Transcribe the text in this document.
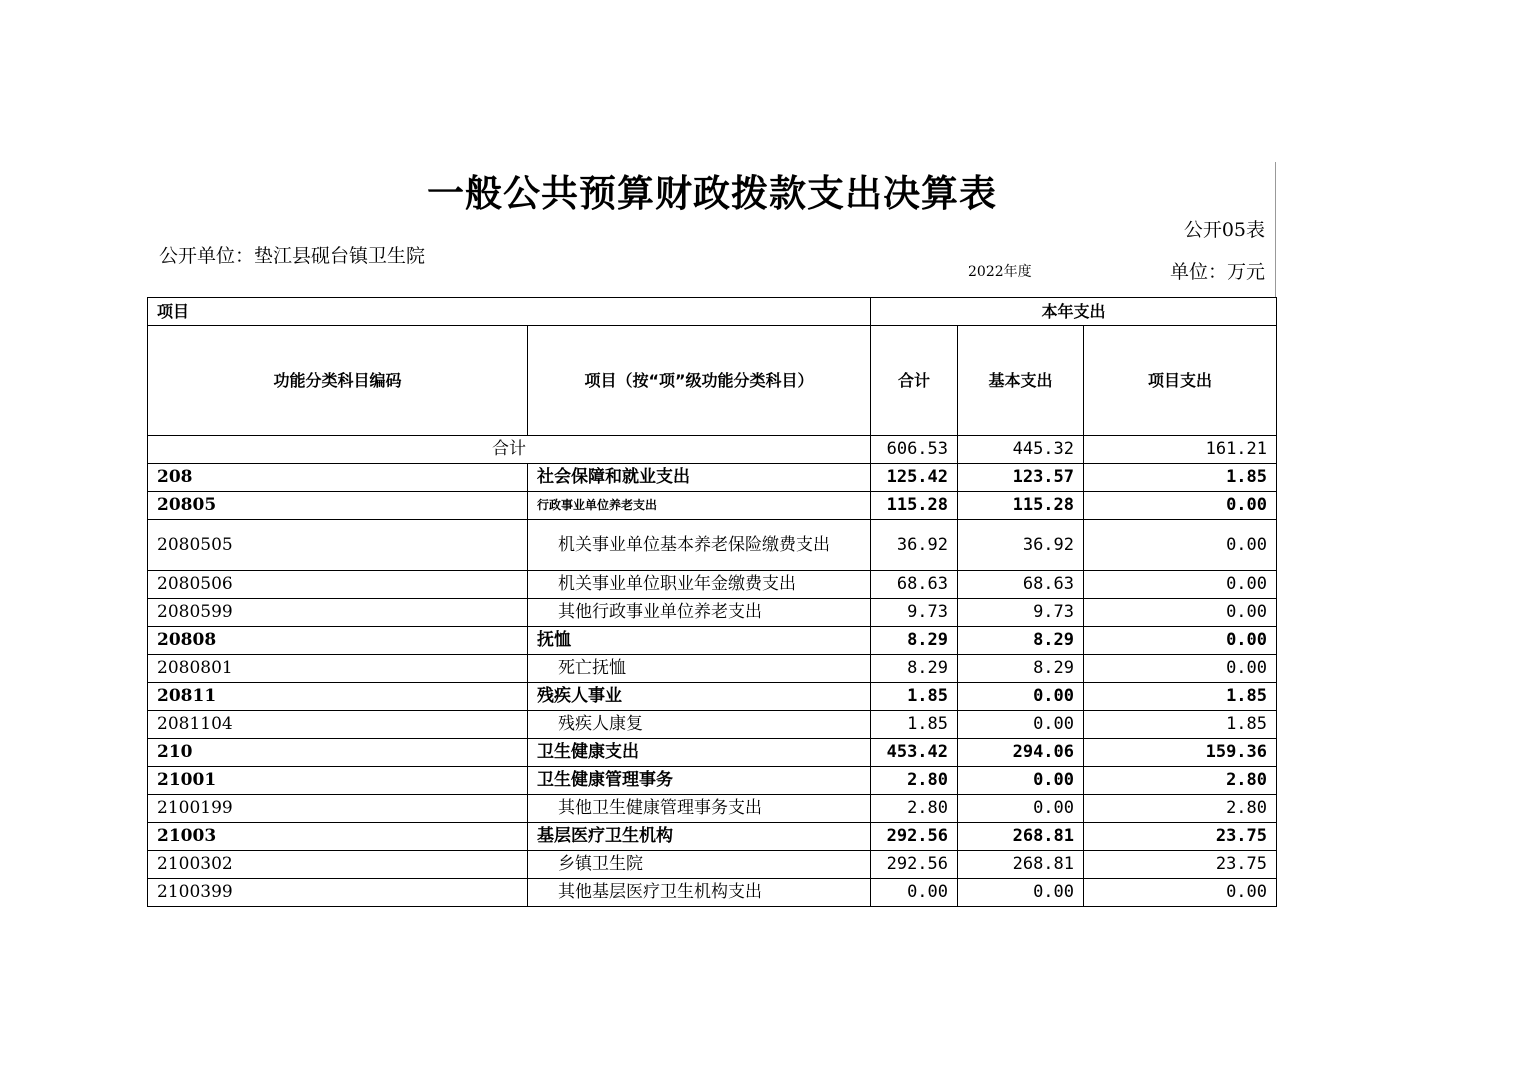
一般公共预算财政拨款支出决算表
公开05表
公开单位：垫江县砚台镇卫生院
2022年度	单位：万元
项目		本年支出		
功能分类科目编码	项目（按“项”级功能分类科目）	合计	基本支出	项目支出
合计		606.53	445.32	161.21
208	社会保障和就业支出	125.42	123.57	1.85
20805	行政事业单位养老支出	115.28	115.28	0.00
2080505	机关事业单位基本养老保险缴费支出	36.92	36.92	0.00
2080506	机关事业单位职业年金缴费支出	68.63	68.63	0.00
2080599	其他行政事业单位养老支出	9.73	9.73	0.00
20808	抚恤	8.29	8.29	0.00
2080801	死亡抚恤	8.29	8.29	0.00
20811	残疾人事业	1.85	0.00	1.85
2081104	残疾人康复	1.85	0.00	1.85
210	卫生健康支出	453.42	294.06	159.36
21001	卫生健康管理事务	2.80	0.00	2.80
2100199	其他卫生健康管理事务支出	2.80	0.00	2.80
21003	基层医疗卫生机构	292.56	268.81	23.75
2100302	乡镇卫生院	292.56	268.81	23.75
2100399	其他基层医疗卫生机构支出	0.00	0.00	0.00
